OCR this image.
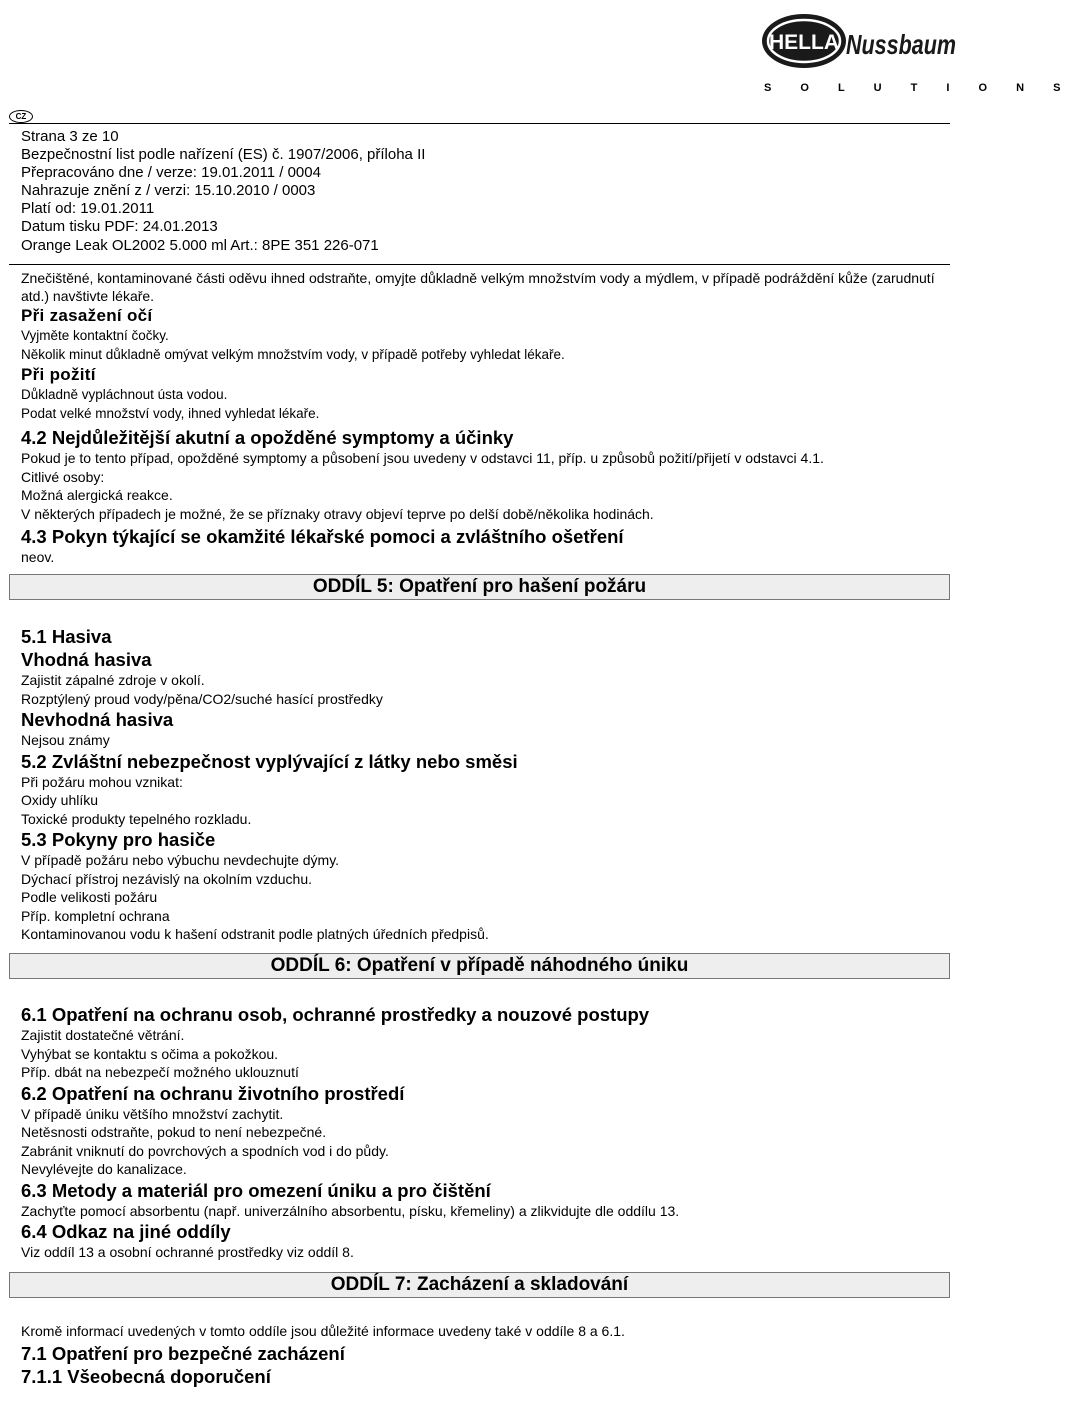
HELLA Nussbaum
S O L U T I O N S
CZ
Strana 3 ze 10
Bezpečnostní list podle nařízení (ES) č. 1907/2006, příloha II
Přepracováno dne / verze: 19.01.2011 / 0004
Nahrazuje znění z / verzi: 15.10.2010 / 0003
Platí od: 19.01.2011
Datum tisku PDF: 24.01.2013
Orange Leak OL2002 5.000 ml Art.: 8PE 351 226-071

Znečištěné, kontaminované části oděvu ihned odstraňte, omyjte důkladně velkým množstvím vody a mýdlem, v případě podráždění kůže (zarudnutí atd.) navštivte lékaře.

Při zasažení očí

Vyjměte kontaktní čočky.

Několik minut důkladně omývat velkým množstvím vody, v případě potřeby vyhledat lékaře.

Při požití

Důkladně vypláchnout ústa vodou.

Podat velké množství vody, ihned vyhledat lékaře.

4.2 Nejdůležitější akutní a opožděné symptomy a účinky

Pokud je to tento případ, opožděné symptomy a působení jsou uvedeny v odstavci 11, příp. u způsobů požití/přijetí v odstavci 4.1.

Citlivé osoby:

Možná alergická reakce.

V některých případech je možné, že se příznaky otravy objeví teprve po delší době/několika hodinách.

4.3 Pokyn týkající se okamžité lékařské pomoci a zvláštního ošetření

neov.

ODDÍL 5: Opatření pro hašení požáru

5.1 Hasiva

Vhodná hasiva

Zajistit zápalné zdroje v okolí.

Rozptýlený proud vody/pěna/CO2/suché hasící prostředky

Nevhodná hasiva

Nejsou známy

5.2 Zvláštní nebezpečnost vyplývající z látky nebo směsi

Při požáru mohou vznikat:

Oxidy uhlíku

Toxické produkty tepelného rozkladu.

5.3 Pokyny pro hasiče

V případě požáru nebo výbuchu nevdechujte dýmy.

Dýchací přístroj nezávislý na okolním vzduchu.

Podle velikosti požáru

Příp. kompletní ochrana

Kontaminovanou vodu k hašení odstranit podle platných úředních předpisů.

ODDÍL 6: Opatření v případě náhodného úniku

6.1 Opatření na ochranu osob, ochranné prostředky a nouzové postupy

Zajistit dostatečné větrání.

Vyhýbat se kontaktu s očima a pokožkou.

Příp. dbát na nebezpečí možného uklouznutí

6.2 Opatření na ochranu životního prostředí

V případě úniku většího množství zachytit.

Netěsnosti odstraňte, pokud to není nebezpečné.

Zabránit vniknutí do povrchových a spodních vod i do půdy.

Nevylévejte do kanalizace.

6.3 Metody a materiál pro omezení úniku a pro čištění

Zachyťte pomocí absorbentu (např. univerzálního absorbentu, písku, křemeliny) a zlikvidujte dle oddílu 13.

6.4 Odkaz na jiné oddíly

Viz oddíl 13 a osobní ochranné prostředky viz oddíl 8.

ODDÍL 7: Zacházení a skladování

Kromě informací uvedených v tomto oddíle jsou důležité informace uvedeny také v oddíle 8 a 6.1.

7.1 Opatření pro bezpečné zacházení

7.1.1 Všeobecná doporučení
